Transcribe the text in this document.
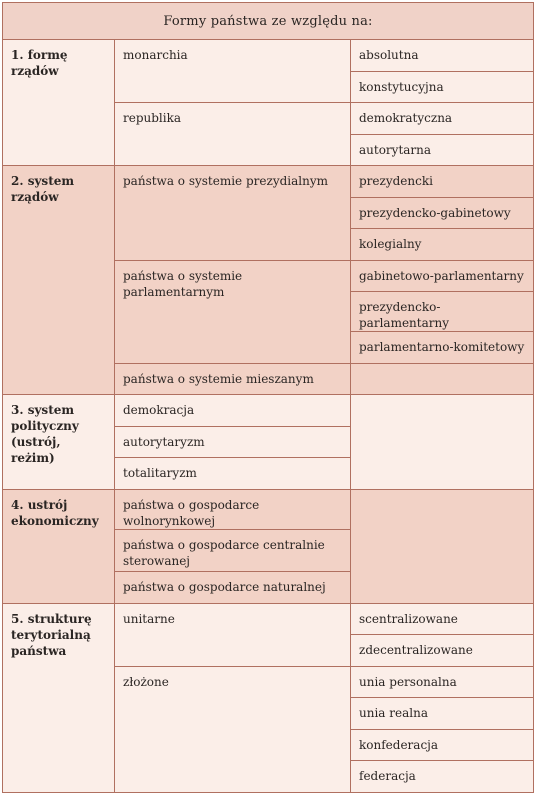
Formy państwa ze względu na:		
1. formę rządów	monarchia	absolutna
		konstytucyjna
	republika	demokratyczna
		autorytarna
2. system rządów	państwa o systemie prezydialnym	prezydencki
		prezydencko-gabinetowy
		kolegialny
	państwa o systemie parlamentarnym	gabinetowo-parlamentarny
		prezydencko-parlamentarny
		parlamentarno-komitetowy
	państwa o systemie mieszanym	
3. system polityczny (ustrój, reżim)	demokracja	
	autorytaryzm	
	totalitaryzm	
4. ustrój ekonomiczny	państwa o gospodarce wolnorynkowej	
	państwa o gospodarce centralnie sterowanej	
	państwa o gospodarce naturalnej	
5. strukturę terytorialną państwa	unitarne	scentralizowane
		zdecentralizowane
	złożone	unia personalna
		unia realna
		konfederacja
		federacja
